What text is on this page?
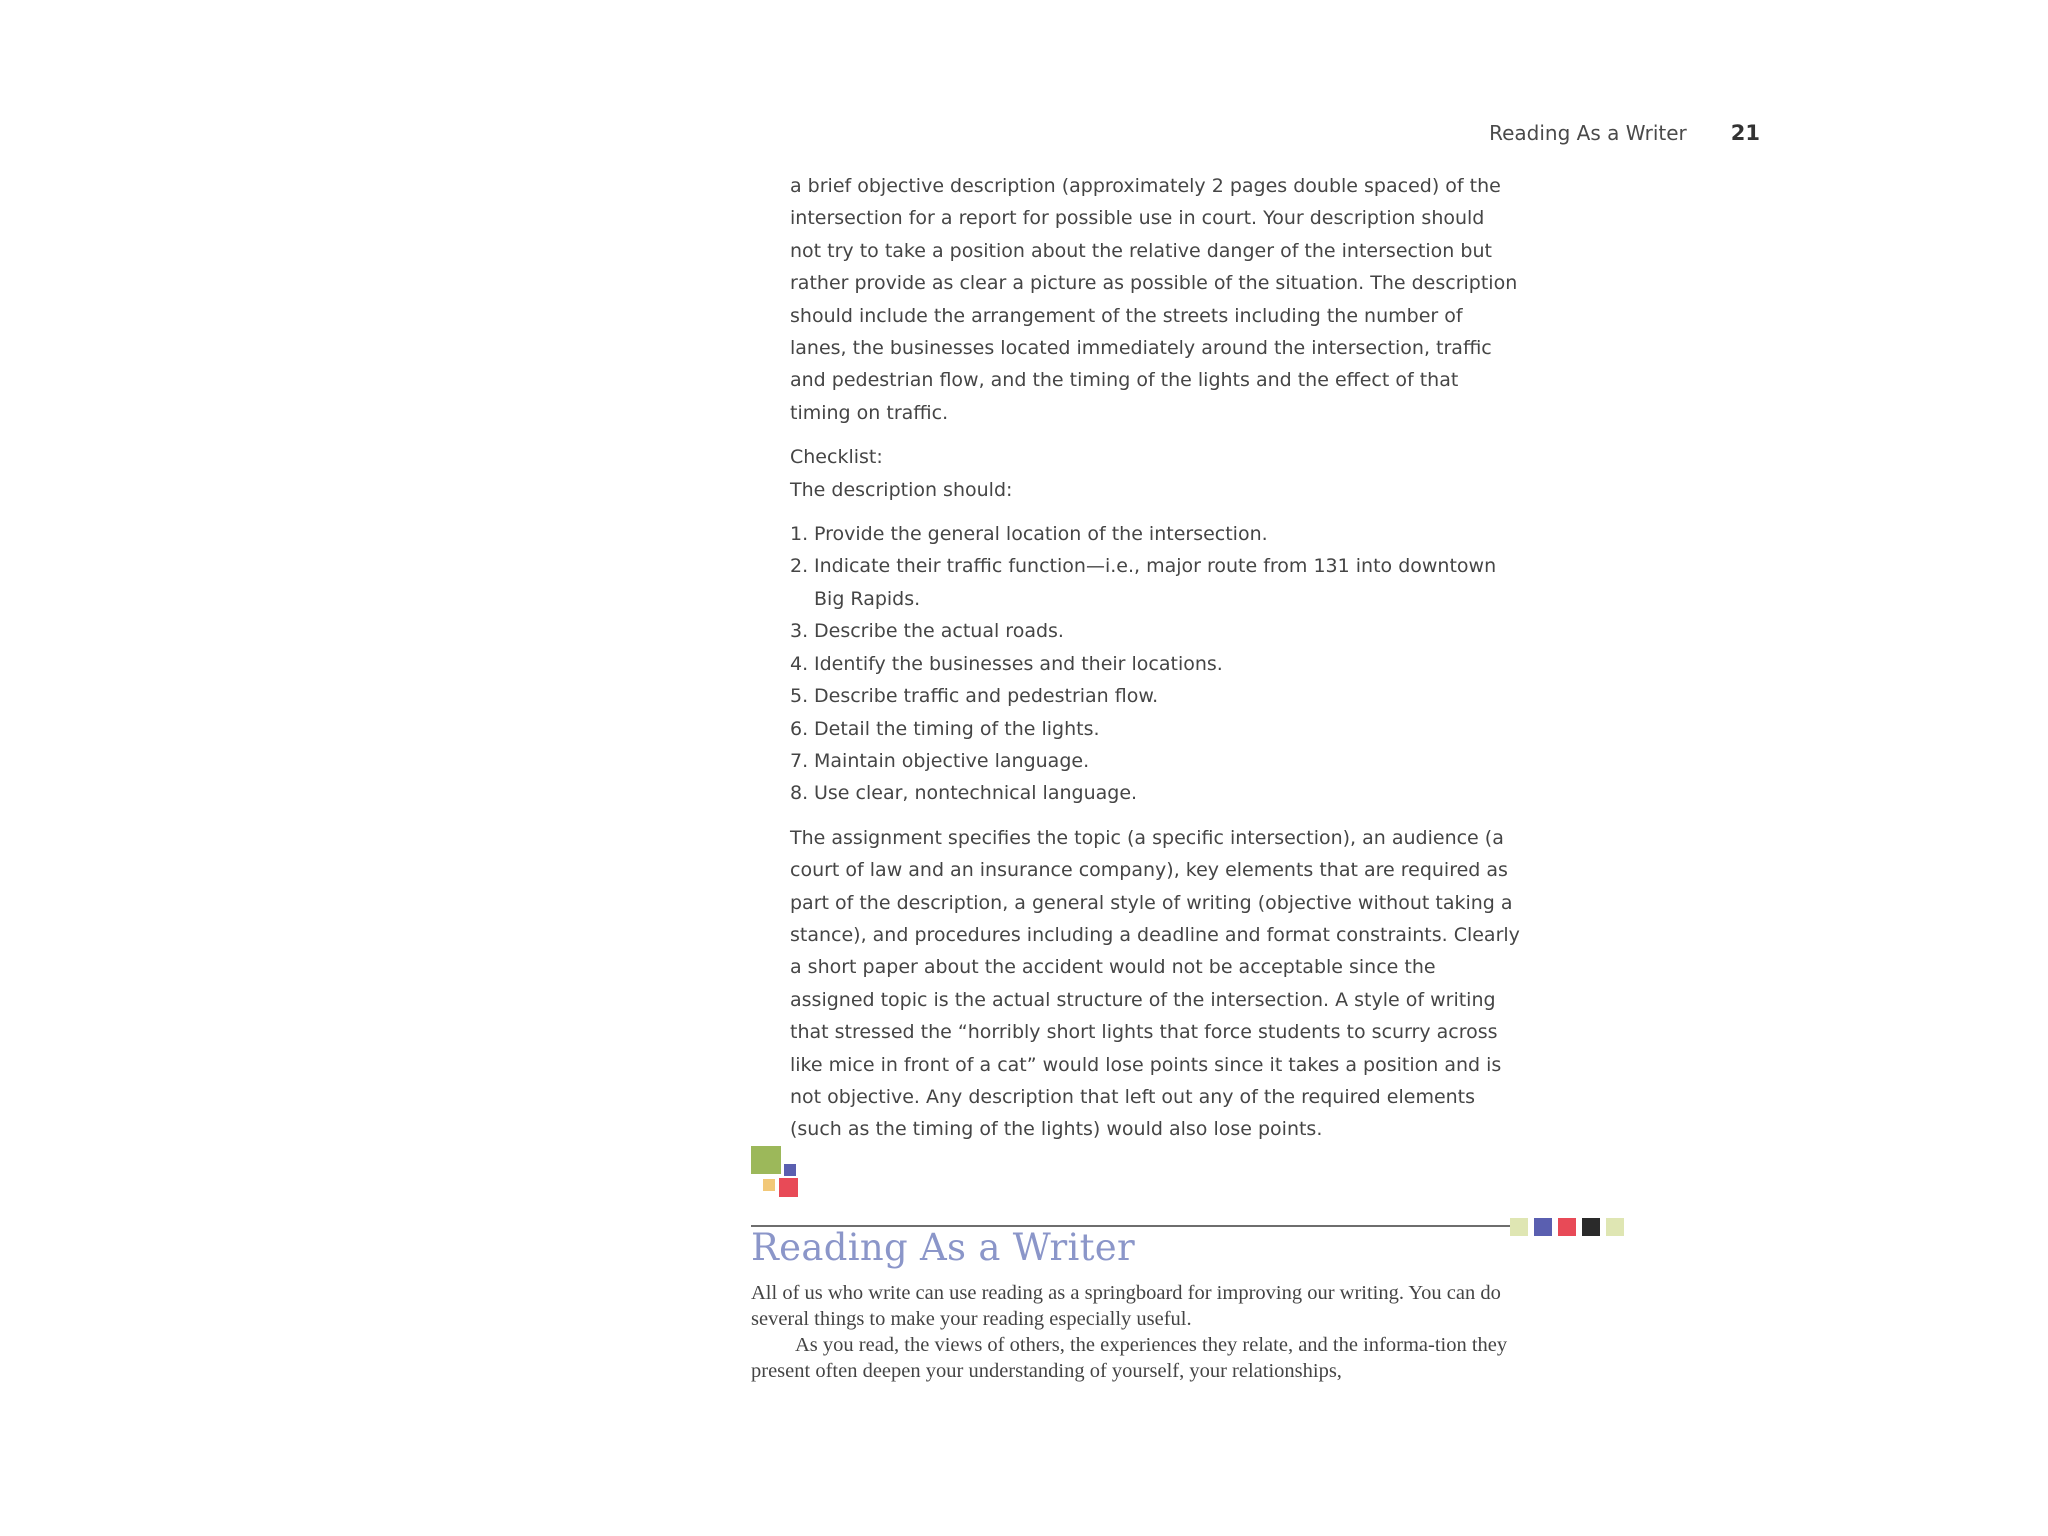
Reading As a Writer 21

a brief objective description (approximately 2 pages double spaced) of the intersection for a report for possible use in court. Your description should not try to take a position about the relative danger of the intersection but rather provide as clear a picture as possible of the situation. The description should include the arrangement of the streets including the number of lanes, the businesses located immediately around the intersection, traffic and pedestrian flow, and the timing of the lights and the effect of that timing on traffic.

Checklist:

The description should:

1. Provide the general location of the intersection.
2. Indicate their traffic function—i.e., major route from 131 into downtown Big Rapids.
3. Describe the actual roads.
4. Identify the businesses and their locations.
5. Describe traffic and pedestrian flow.
6. Detail the timing of the lights.
7. Maintain objective language.
8. Use clear, nontechnical language.

The assignment specifies the topic (a specific intersection), an audience (a court of law and an insurance company), key elements that are required as part of the description, a general style of writing (objective without taking a stance), and procedures including a deadline and format constraints. Clearly a short paper about the accident would not be acceptable since the assigned topic is the actual structure of the intersection. A style of writing that stressed the “horribly short lights that force students to scurry across like mice in front of a cat” would lose points since it takes a position and is not objective. Any description that left out any of the required elements (such as the timing of the lights) would also lose points.

Reading As a Writer

All of us who write can use reading as a springboard for improving our writing. You can do several things to make your reading especially useful.

As you read, the views of others, the experiences they relate, and the informa-tion they present often deepen your understanding of yourself, your relationships,
